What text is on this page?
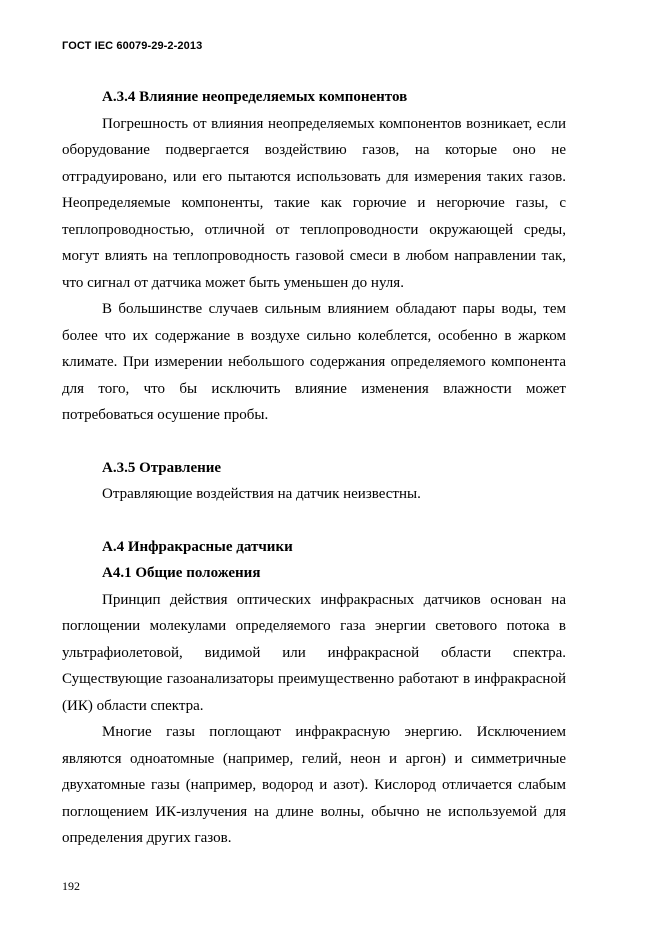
ГОСТ IEC 60079-29-2-2013
А.3.4 Влияние неопределяемых компонентов

Погрешность от влияния неопределяемых компонентов возникает, если оборудование подвергается воздействию газов, на которые оно не отградуировано, или его пытаются использовать для измерения таких газов. Неопределяемые компоненты, такие как горючие и негорючие газы, с теплопроводностью, отличной от теплопроводности окружающей среды, могут влиять на теплопроводность газовой смеси в любом направлении так, что сигнал от датчика может быть уменьшен до нуля.

В большинстве случаев сильным влиянием обладают пары воды, тем более что их содержание в воздухе сильно колеблется, особенно в жарком климате. При измерении небольшого содержания определяемого компонента для того, что бы исключить влияние изменения влажности может потребоваться осушение пробы.

А.3.5 Отравление

Отравляющие воздействия на датчик неизвестны.

А.4 Инфракрасные датчики
А4.1 Общие положения

Принцип действия оптических инфракрасных датчиков основан на поглощении молекулами определяемого газа энергии светового потока в ультрафиолетовой, видимой или инфракрасной области спектра. Существующие газоанализаторы преимущественно работают в инфракрасной (ИК) области спектра.

Многие газы поглощают инфракрасную энергию. Исключением являются одноатомные (например, гелий, неон и аргон) и симметричные двухатомные газы (например, водород и азот). Кислород отличается слабым поглощением ИК-излучения на длине волны, обычно не используемой для определения других газов.

192
